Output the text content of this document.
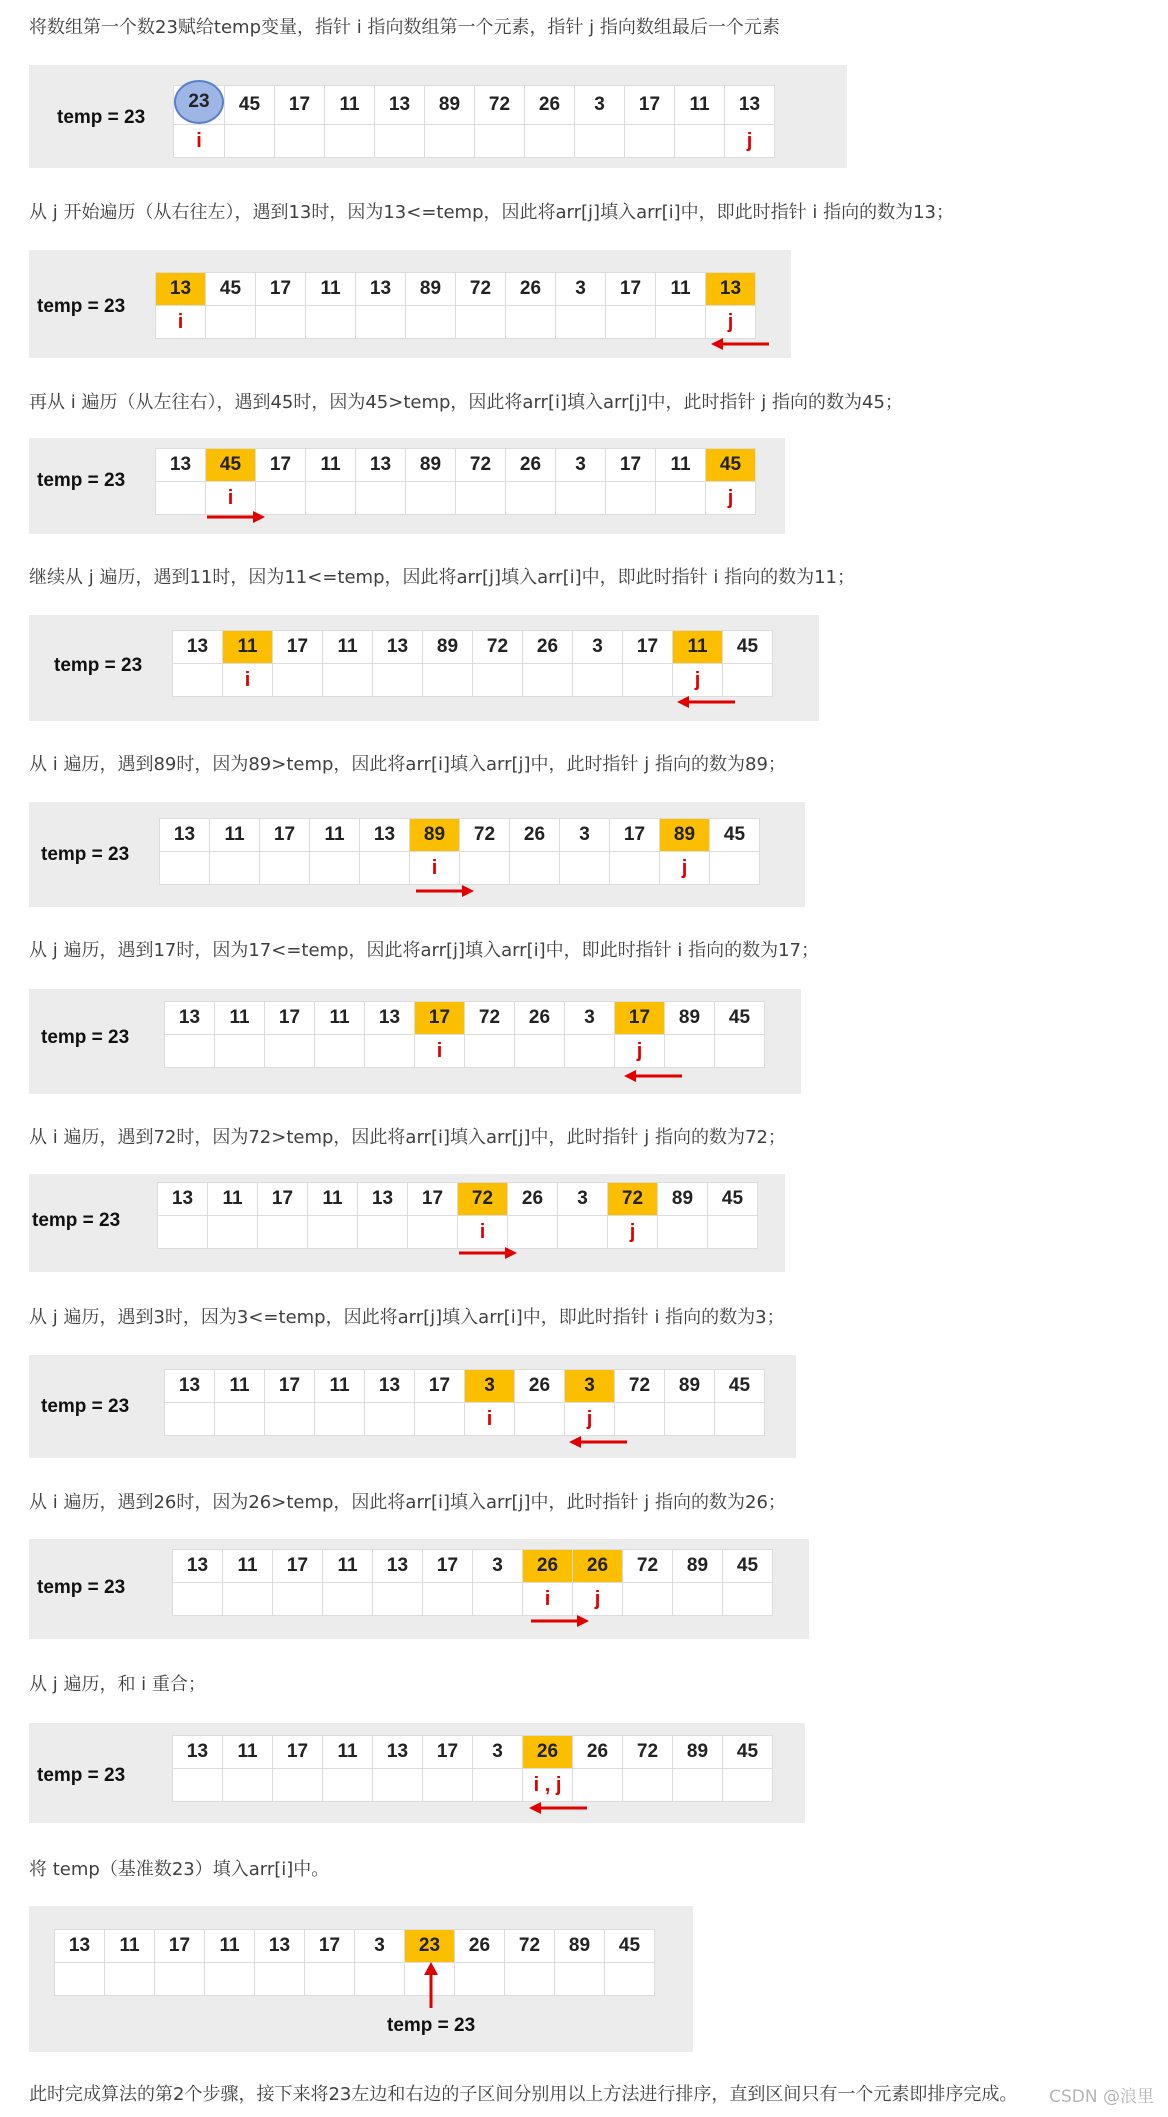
将数组第一个数23赋给temp变量，指针 i 指向数组第一个元素，指针 j 指向数组最后一个元素
temp = 23
23	45	17	11	13	89	72	26	3	17	11	13
i											j
从 j 开始遍历（从右往左），遇到13时，因为13<=temp，因此将arr[j]填入arr[i]中，即此时指针 i 指向的数为13；
temp = 23
13	45	17	11	13	89	72	26	3	17	11	13
i											j
再从 i 遍历（从左往右），遇到45时，因为45>temp，因此将arr[i]填入arr[j]中，此时指针 j 指向的数为45；
temp = 23
13	45	17	11	13	89	72	26	3	17	11	45
	i										j
继续从 j 遍历，遇到11时，因为11<=temp，因此将arr[j]填入arr[i]中，即此时指针 i 指向的数为11；
temp = 23
13	11	17	11	13	89	72	26	3	17	11	45
	i									j	
从 i 遍历，遇到89时，因为89>temp，因此将arr[i]填入arr[j]中，此时指针 j 指向的数为89；
temp = 23
13	11	17	11	13	89	72	26	3	17	89	45
					i					j	
从 j 遍历，遇到17时，因为17<=temp，因此将arr[j]填入arr[i]中，即此时指针 i 指向的数为17；
temp = 23
13	11	17	11	13	17	72	26	3	17	89	45
					i				j		
从 i 遍历，遇到72时，因为72>temp，因此将arr[i]填入arr[j]中，此时指针 j 指向的数为72；
temp = 23
13	11	17	11	13	17	72	26	3	72	89	45
						i			j		
从 j 遍历，遇到3时，因为3<=temp，因此将arr[j]填入arr[i]中，即此时指针 i 指向的数为3；
temp = 23
13	11	17	11	13	17	3	26	3	72	89	45
						i		j			
从 i 遍历，遇到26时，因为26>temp，因此将arr[i]填入arr[j]中，此时指针 j 指向的数为26；
temp = 23
13	11	17	11	13	17	3	26	26	72	89	45
							i	j			
从 j 遍历，和 i 重合；
temp = 23
13	11	17	11	13	17	3	26	26	72	89	45
							i , j				
将 temp（基准数23）填入arr[i]中。
13	11	17	11	13	17	3	23	26	72	89	45

temp = 23
此时完成算法的第2个步骤，接下来将23左边和右边的子区间分别用以上方法进行排序，直到区间只有一个元素即排序完成。 CSDN @浪里
